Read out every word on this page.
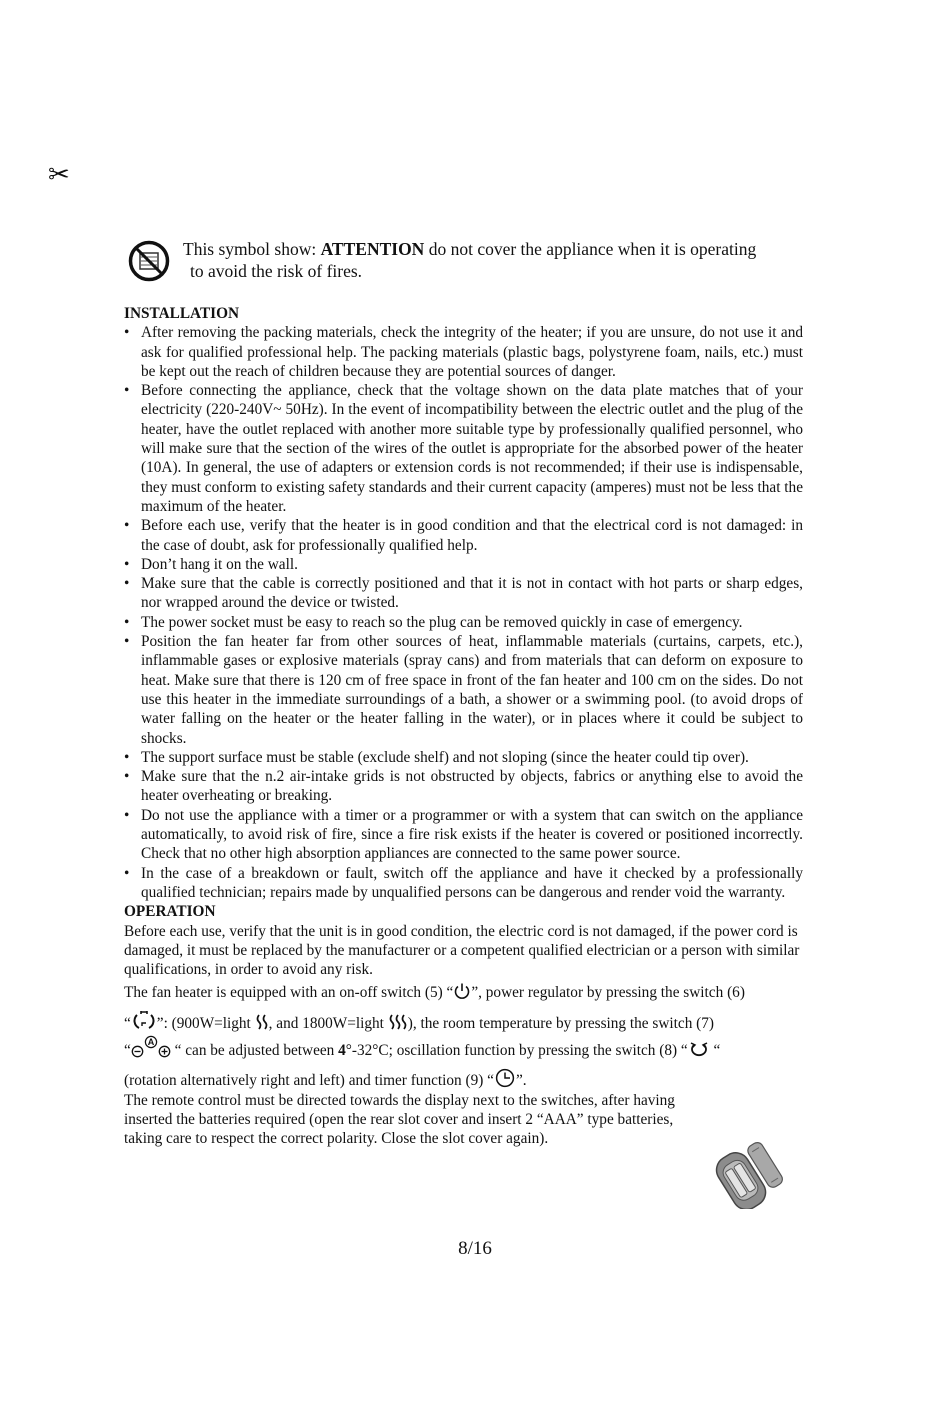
✂
This symbol show: ATTENTION do not cover the appliance when it is operating
to avoid the risk of fires.

INSTALLATION

• After removing the packing materials, check the integrity of the heater; if you are unsure, do not use it and ask for qualified professional help. The packing materials (plastic bags, polystyrene foam, nails, etc.) must be kept out the reach of children because they are potential sources of danger.
• Before connecting the appliance, check that the voltage shown on the data plate matches that of your electricity (220-240V~ 50Hz). In the event of incompatibility between the electric outlet and the plug of the heater, have the outlet replaced with another more suitable type by professionally qualified personnel, who will make sure that the section of the wires of the outlet is appropriate for the absorbed power of the heater (10A). In general, the use of adapters or extension cords is not recommended; if their use is indispensable, they must conform to existing safety standards and their current capacity (amperes) must not be less that the maximum of the heater.
• Before each use, verify that the heater is in good condition and that the electrical cord is not damaged: in the case of doubt, ask for professionally qualified help.
• Don’t hang it on the wall.
• Make sure that the cable is correctly positioned and that it is not in contact with hot parts or sharp edges, nor wrapped around the device or twisted.
• The power socket must be easy to reach so the plug can be removed quickly in case of emergency.
• Position the fan heater far from other sources of heat, inflammable materials (curtains, carpets, etc.), inflammable gases or explosive materials (spray cans) and from materials that can deform on exposure to heat. Make sure that there is 120 cm of free space in front of the fan heater and 100 cm on the sides. Do not use this heater in the immediate surroundings of a bath, a shower or a swimming pool. (to avoid drops of water falling on the heater or the heater falling in the water), or in places where it could be subject to shocks.
• The support surface must be stable (exclude shelf) and not sloping (since the heater could tip over).
• Make sure that the n.2 air-intake grids is not obstructed by objects, fabrics or anything else to avoid the heater overheating or breaking.
• Do not use the appliance with a timer or a programmer or with a system that can switch on the appliance automatically, to avoid risk of fire, since a fire risk exists if the heater is covered or positioned incorrectly. Check that no other high absorption appliances are connected to the same power source.
• In the case of a breakdown or fault, switch off the appliance and have it checked by a professionally qualified technician; repairs made by unqualified persons can be dangerous and render void the warranty.

OPERATION

Before each use, verify that the unit is in good condition, the electric cord is not damaged, if the power cord is damaged, it must be replaced by the manufacturer or a competent qualified electrician or a person with similar qualifications, in order to avoid any risk.

The fan heater is equipped with an on-off switch (5) “ ”, power regulator by pressing the switch (6)

“ ”: (900W=light , and 1800W=light ), the room temperature by pressing the switch (7)

“ A “ can be adjusted between 4°-32°C; oscillation function by pressing the switch (8) “ “

(rotation alternatively right and left) and timer function (9) “ ”.

The remote control must be directed towards the display next to the switches, after having inserted the batteries required (open the rear slot cover and insert 2 “AAA” type batteries, taking care to respect the correct polarity. Close the slot cover again).

8/16
